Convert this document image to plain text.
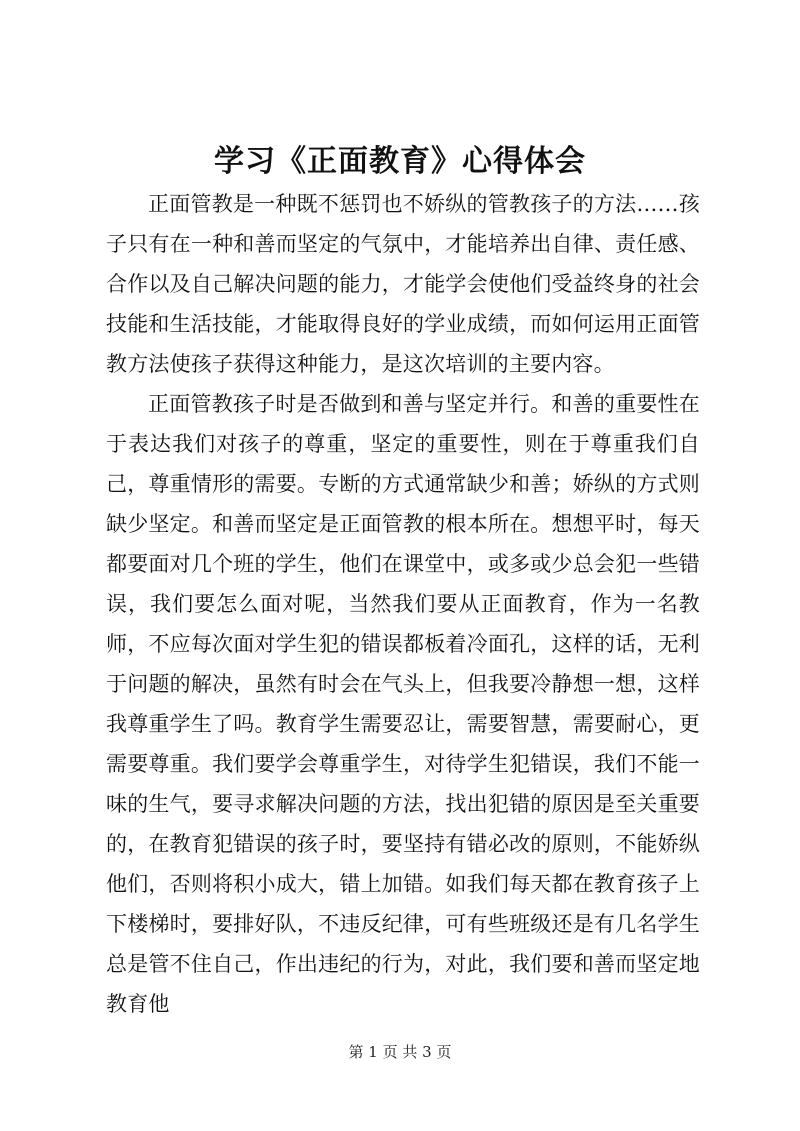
学习《正面教育》心得体会

正面管教是一种既不惩罚也不娇纵的管教孩子的方法……孩子只有在一种和善而坚定的气氛中，才能培养出自律、责任感、合作以及自己解决问题的能力，才能学会使他们受益终身的社会技能和生活技能，才能取得良好的学业成绩，而如何运用正面管教方法使孩子获得这种能力，是这次培训的主要内容。

正面管教孩子时是否做到和善与坚定并行。和善的重要性在于表达我们对孩子的尊重，坚定的重要性，则在于尊重我们自己，尊重情形的需要。专断的方式通常缺少和善；娇纵的方式则缺少坚定。和善而坚定是正面管教的根本所在。想想平时，每天都要面对几个班的学生，他们在课堂中，或多或少总会犯一些错误，我们要怎么面对呢，当然我们要从正面教育，作为一名教师，不应每次面对学生犯的错误都板着冷面孔，这样的话，无利于问题的解决，虽然有时会在气头上，但我要冷静想一想，这样我尊重学生了吗。教育学生需要忍让，需要智慧，需要耐心，更需要尊重。我们要学会尊重学生，对待学生犯错误，我们不能一味的生气，要寻求解决问题的方法，找出犯错的原因是至关重要的，在教育犯错误的孩子时，要坚持有错必改的原则，不能娇纵他们，否则将积小成大，错上加错。如我们每天都在教育孩子上下楼梯时，要排好队，不违反纪律，可有些班级还是有几名学生总是管不住自己，作出违纪的行为，对此，我们要和善而坚定地教育他

第 1 页 共 3 页
